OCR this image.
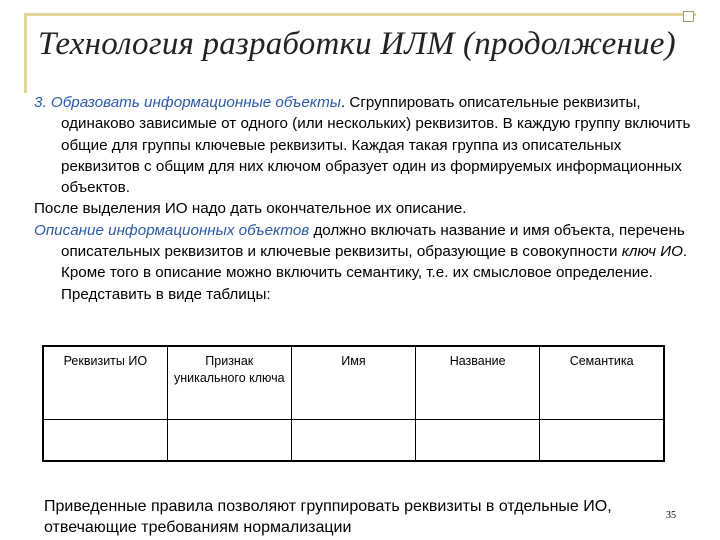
Технология разработки ИЛМ (продолжение)

3. Образовать информационные объекты. Сгруппировать описательные реквизиты, одинаково зависимые от одного (или нескольких) реквизитов. В каждую группу включить общие для группы ключевые реквизиты. Каждая такая группа из описательных реквизитов с общим для них ключом образует один из формируемых информационных объектов.

После выделения ИО надо дать окончательное их описание.

Описание информационных объектов должно включать название и имя объекта, перечень описательных реквизитов и ключевые реквизиты, образующие в совокупности ключ ИО. Кроме того в описание можно включить семантику, т.е. их смысловое определение. Представить в виде таблицы:

Реквизиты ИО	Признак уникального ключа	Имя	Название	Семантика

Приведенные правила позволяют группировать реквизиты в отдельные ИО, отвечающие требованиям нормализации
35
